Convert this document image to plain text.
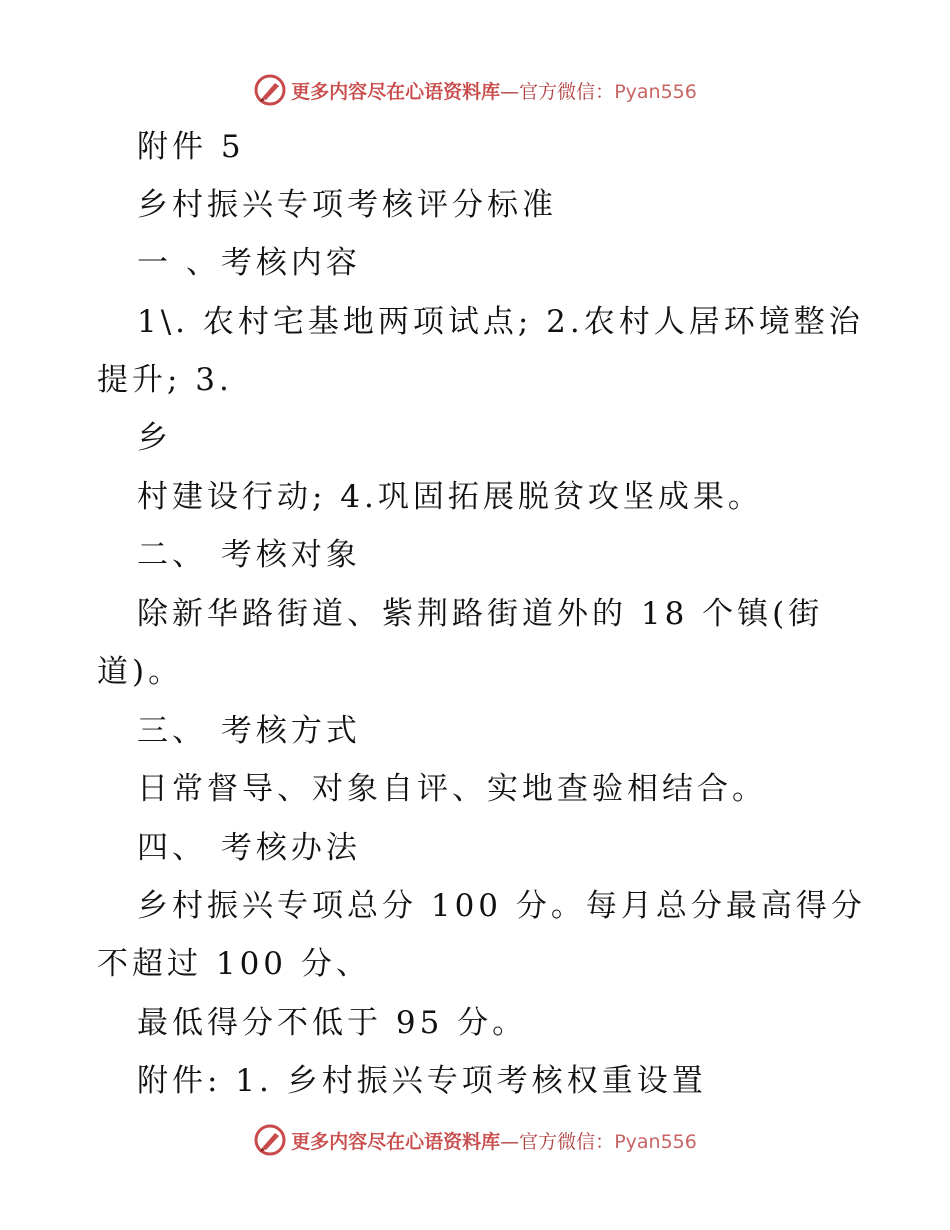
更多内容尽在心语资料库—官方微信：Pyan556
附件 5
乡村振兴专项考核评分标准
一 、考核内容
1\. 农村宅基地两项试点; 2.农村人居环境整治
提升; 3.
乡
村建设行动; 4.巩固拓展脱贫攻坚成果。
二、 考核对象
除新华路街道、紫荆路街道外的 18 个镇(街
道)。
三、 考核方式
日常督导、对象自评、实地查验相结合。
四、 考核办法
乡村振兴专项总分 100 分。每月总分最高得分
不超过 100 分、
最低得分不低于 95 分。
附件: 1. 乡村振兴专项考核权重设置
更多内容尽在心语资料库—官方微信：Pyan556
